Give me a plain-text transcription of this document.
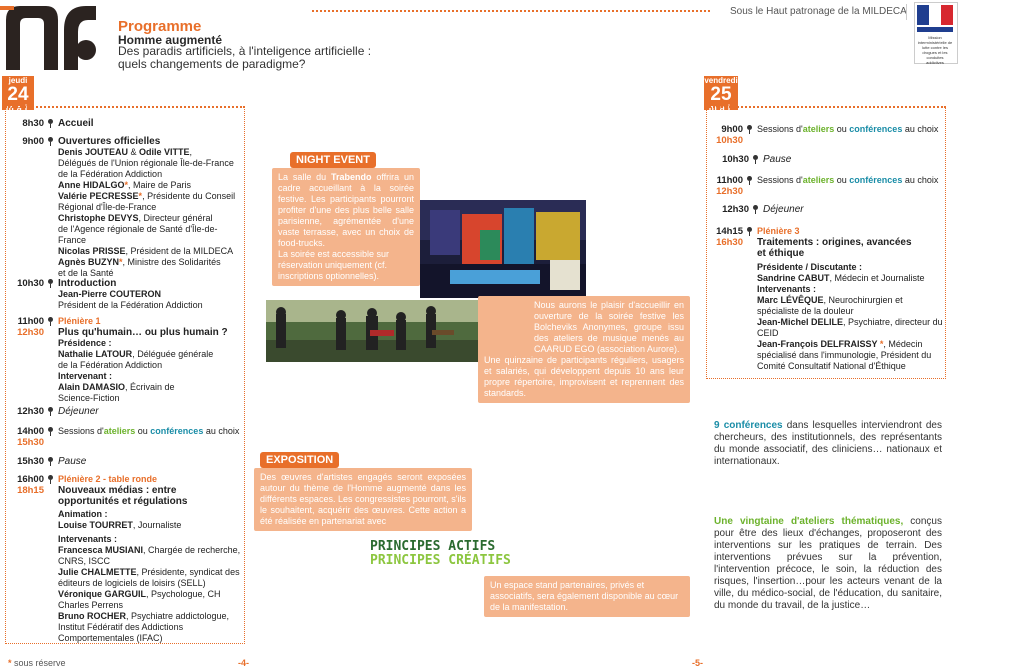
Programme
Homme augmenté
Des paradis artificiels, à l'inteligence artificielle :
quels changements de paradigme?
Sous le Haut patronage de la MILDECA
Mission interministérielle de lutte contre les drogues et les conduites addictives
jeudi
24
mai
8h30 Accueil
9h00 Ouvertures officielles
Denis JOUTEAU & Odile VITTE,
Délégués de l'Union régionale Île-de-France
de la Fédération Addiction
Anne HIDALGO*, Maire de Paris
Valérie PECRESSE*, Présidente du Conseil
Régional d'Île-de-France
Christophe DEVYS, Directeur général
de l'Agence régionale de Santé d'Île-de-
France
Nicolas PRISSE, Président de la MILDECA
Agnès BUZYN*, Ministre des Solidarités
et de la Santé
10h30 Introduction
Jean-Pierre COUTERON
Président de la Fédération Addiction
11h00
12h30
Plénière 1
Plus qu'humain… ou plus humain ?
Présidence :
Nathalie LATOUR, Déléguée générale
de la Fédération Addiction
Intervenant :
Alain DAMASIO, Écrivain de
Science-Fiction
12h30 Déjeuner
14h00
15h30
Sessions d'ateliers ou conférences au choix
15h30 Pause
16h00
18h15
Plénière 2 - table ronde
Nouveaux médias : entre
opportunités et régulations
Animation :
Louise TOURRET, Journaliste
Intervenants :
Francesca MUSIANI, Chargée de recherche,
CNRS, ISCC
Julie CHALMETTE, Présidente, syndicat des
éditeurs de logiciels de loisirs (SELL)
Véronique GARGUIL, Psychologue, CH
Charles Perrens
Bruno ROCHER, Psychiatre addictologue,
Institut Fédératif des Addictions
Comportementales (IFAC)
NIGHT EVENT
La salle du Trabendo offrira un cadre accueillant à la soirée festive. Les participants pourront profiter d'une des plus belle salle parisienne, agrémentée d'une vaste terrasse, avec un choix de food-trucks.
La soirée est accessible sur réservation uniquement (cf. inscriptions optionnelles).
Nous aurons le plaisir d'accueillir en ouverture de la soirée festive les Bolcheviks Anonymes, groupe issu des ateliers de musique menés au CAARUD EGO (association Aurore).
Une quinzaine de participants réguliers, usagers et salariés, qui développent depuis 10 ans leur propre répertoire, improvisent et reprennent des standards.
EXPOSITION
Des œuvres d'artistes engagés seront exposées autour du thème de l'Homme augmenté dans les différents espaces. Les congressistes pourront, s'ils le souhaitent, acquérir des œuvres. Cette action a été réalisée en partenariat avec
PRINCIPES ACTIFS
PRINCIPES CRÉATIFS
Un espace stand partenaires, privés et associatifs, sera également disponible au cœur de la manifestation.
vendredi
25
mai
9h00
10h30
Sessions d'ateliers ou conférences au choix
10h30 Pause
11h00
12h30
Sessions d'ateliers ou conférences au choix
12h30 Déjeuner
14h15
16h30
Plénière 3
Traitements : origines, avancées
et éthique
Présidente / Discutante :
Sandrine CABUT, Médecin et Journaliste
Intervenants :
Marc LÉVÊQUE, Neurochirurgien et
spécialiste de la douleur
Jean-Michel DELILE, Psychiatre, directeur du
CEID
Jean-François DELFRAISSY *, Médecin
spécialisé dans l'immunologie, Président du
Comité Consultatif National d'Éthique
9 conférences dans lesquelles interviendront des chercheurs, des institutionnels, des représentants du monde associatif, des cliniciens… nationaux et internationaux.
Une vingtaine d'ateliers thématiques, conçus pour être des lieux d'échanges, proposeront des interventions sur les pratiques de terrain. Des interventions prévues sur la prévention, l'intervention précoce, le soin, la réduction des risques, l'insertion…pour les acteurs venant de la ville, du médico-social, de l'éducation, du sanitaire, du monde du travail, de la justice…
* sous réserve	-4-	-5-
